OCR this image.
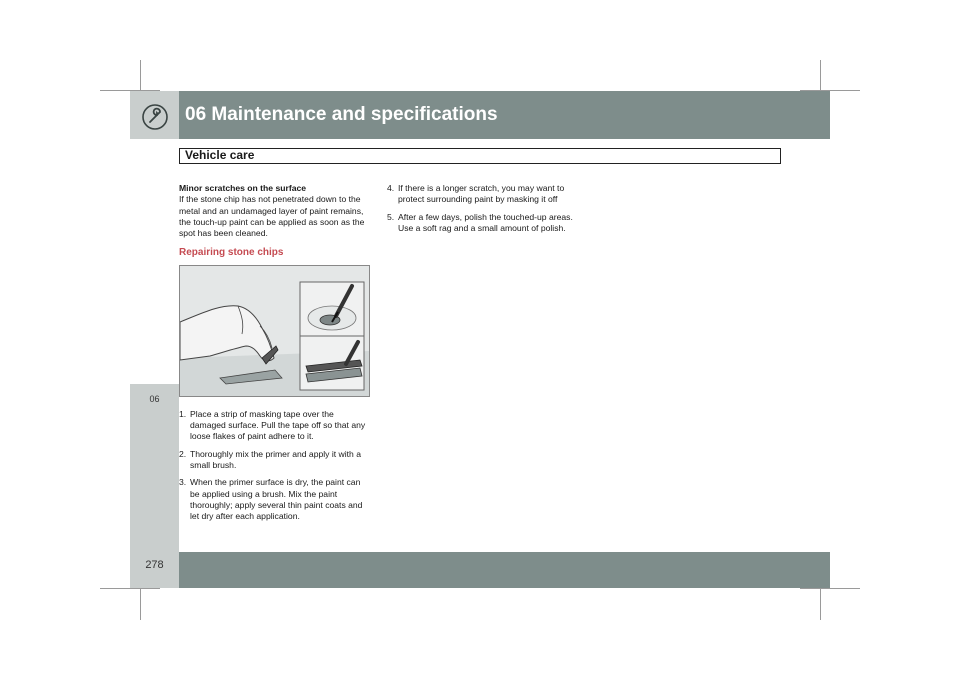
06 Maintenance and specifications
Vehicle care
06
278

Minor scratches on the surface

If the stone chip has not penetrated down to the metal and an undamaged layer of paint remains, the touch-up paint can be applied as soon as the spot has been cleaned.

Repairing stone chips

1. Place a strip of masking tape over the damaged surface. Pull the tape off so that any loose flakes of paint adhere to it.
2. Thoroughly mix the primer and apply it with a small brush.
3. When the primer surface is dry, the paint can be applied using a brush. Mix the paint thoroughly; apply several thin paint coats and let dry after each application.
4. If there is a longer scratch, you may want to protect surrounding paint by masking it off
5. After a few days, polish the touched-up areas. Use a soft rag and a small amount of polish.
